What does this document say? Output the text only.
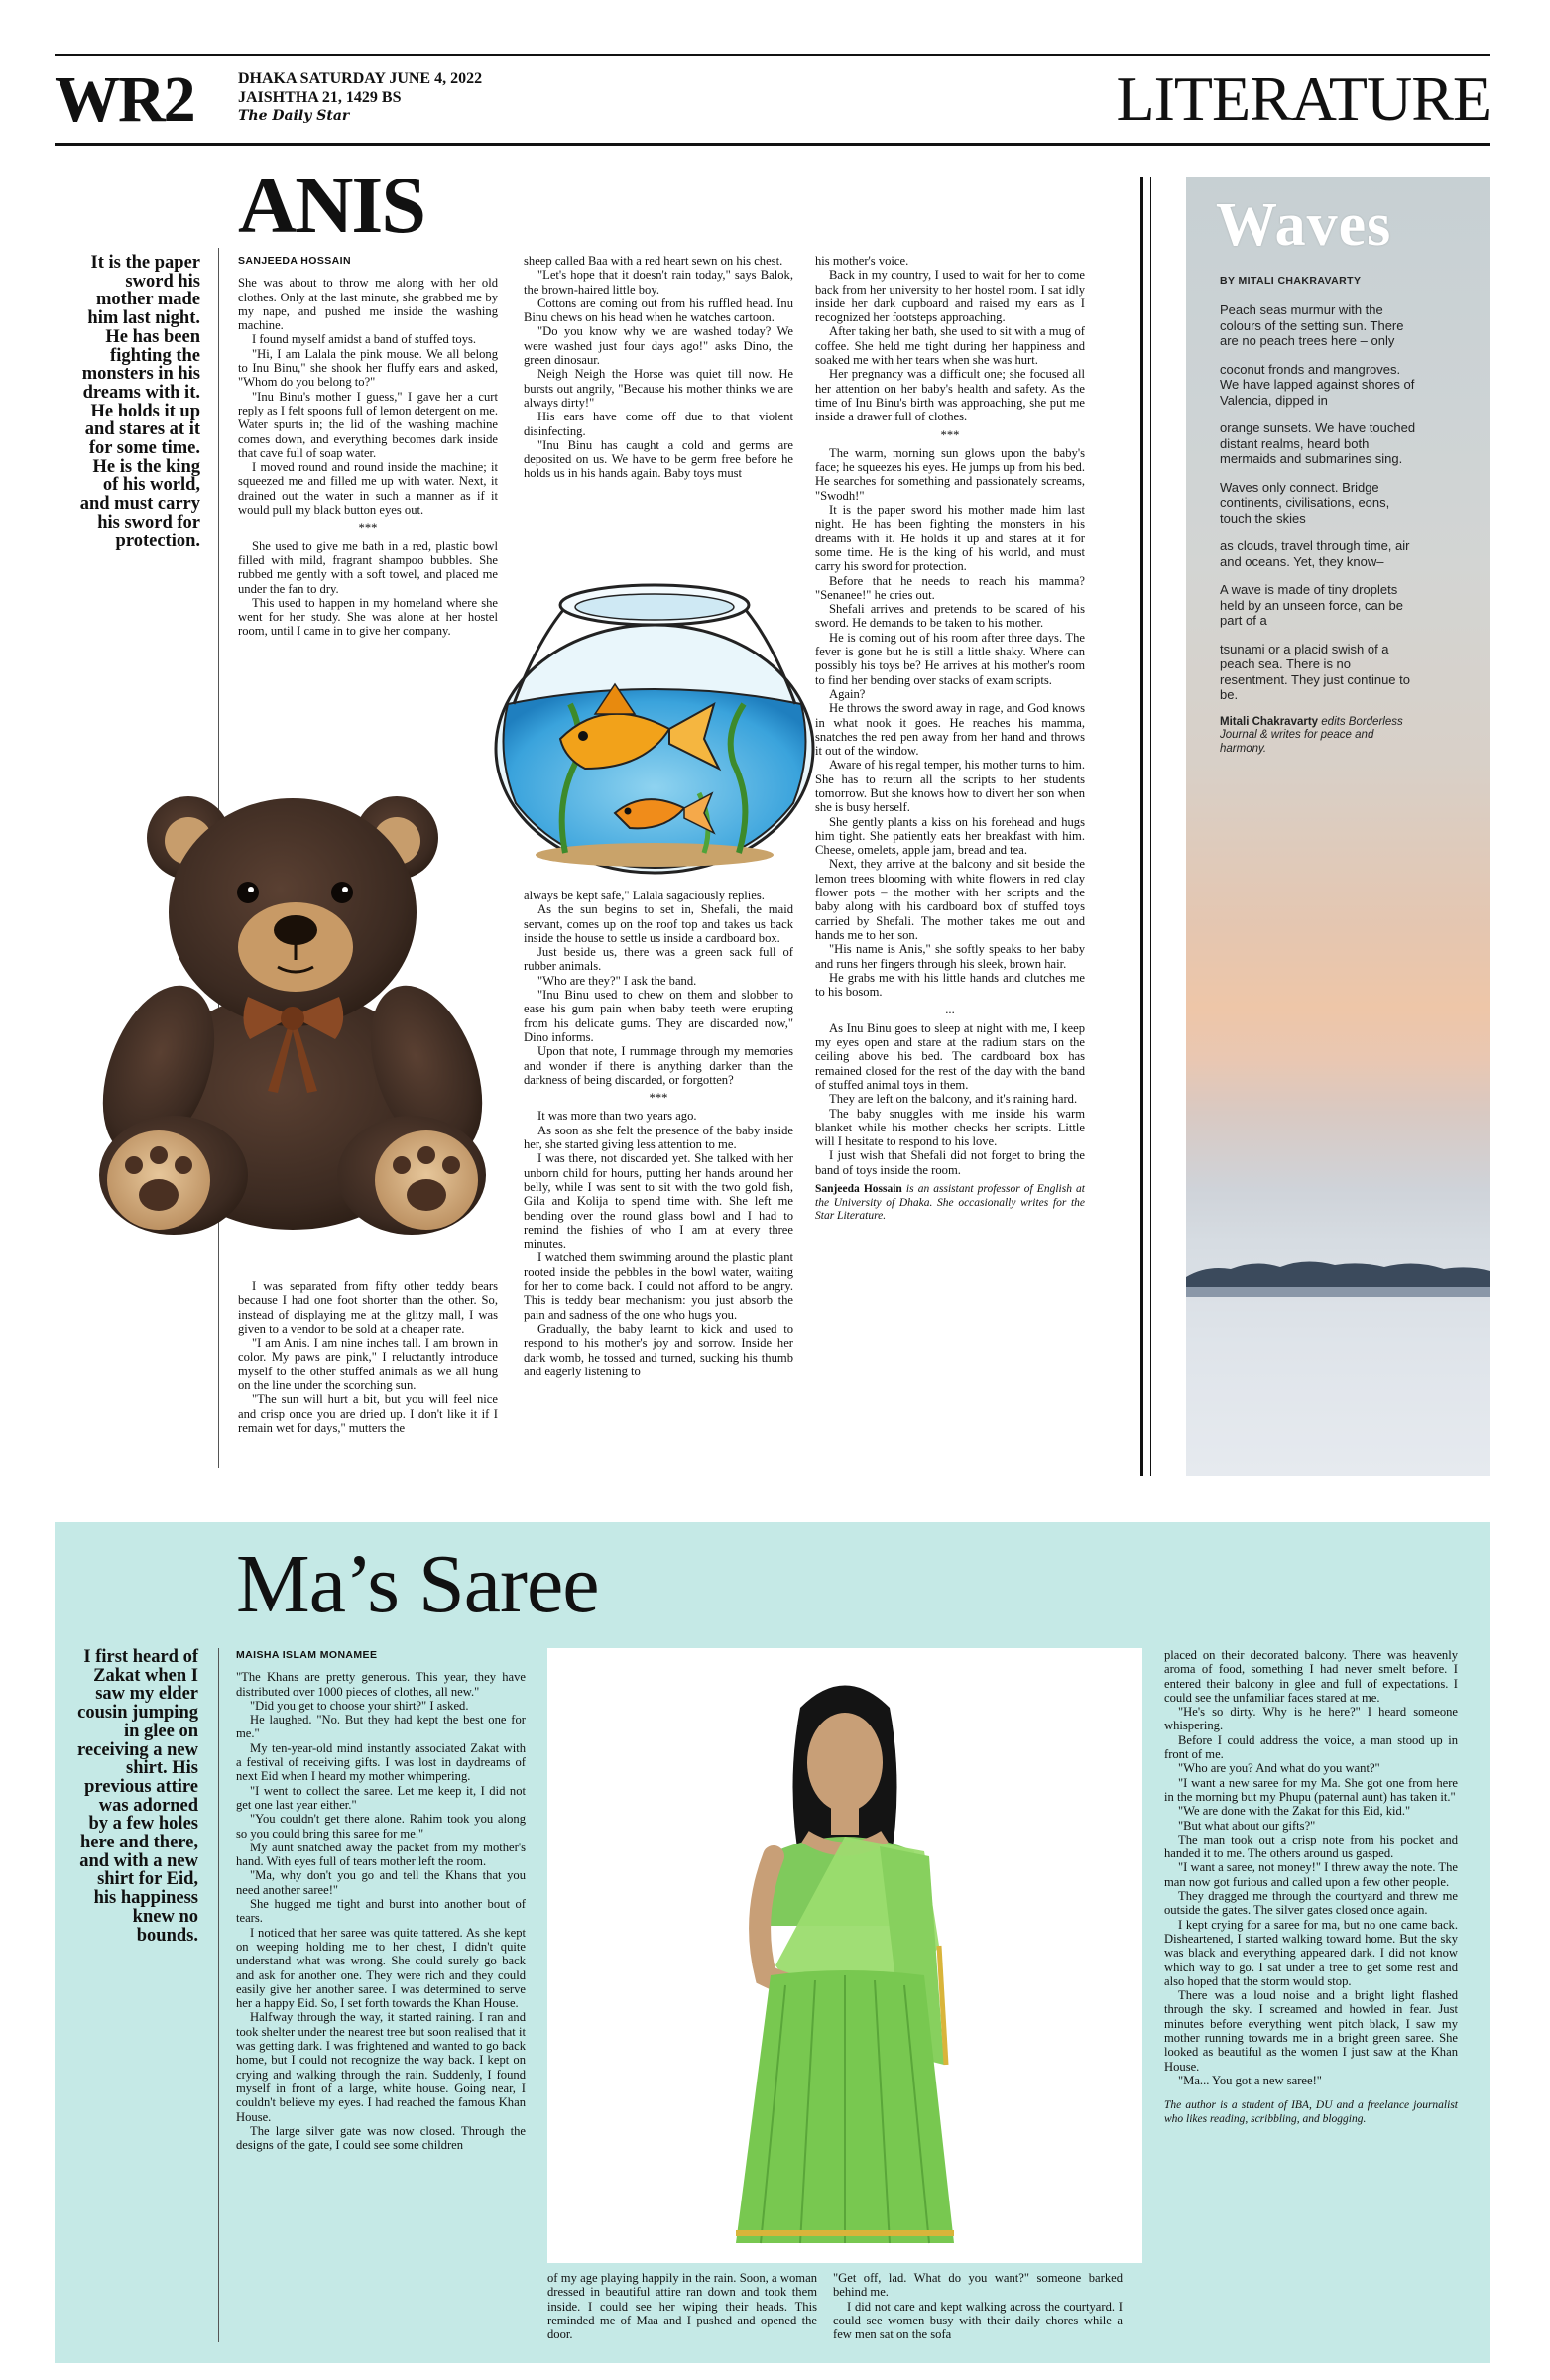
WR2	DHAKA SATURDAY JUNE 4, 2022
JAISHTHA 21, 1429 BS
The Daily Star	LITERATURE
ANIS
It is the paper sword his mother made him last night. He has been fighting the monsters in his dreams with it. He holds it up and stares at it for some time. He is the king of his world, and must carry his sword for protection.
SANJEEDA HOSSAIN

She was about to throw me along with her old clothes. Only at the last minute, she grabbed me by my nape, and pushed me inside the washing machine.

I found myself amidst a band of stuffed toys.

"Hi, I am Lalala the pink mouse. We all belong to Inu Binu," she shook her fluffy ears and asked, "Whom do you belong to?"

"Inu Binu's mother I guess," I gave her a curt reply as I felt spoons full of lemon detergent on me. Water spurts in; the lid of the washing machine comes down, and everything becomes dark inside that cave full of soap water.

I moved round and round inside the machine; it squeezed me and filled me up with water. Next, it drained out the water in such a manner as if it would pull my black button eyes out.

***

She used to give me bath in a red, plastic bowl filled with mild, fragrant shampoo bubbles. She rubbed me gently with a soft towel, and placed me under the fan to dry.

This used to happen in my homeland where she went for her study. She was alone at her hostel room, until I came in to give her company.

I was separated from fifty other teddy bears because I had one foot shorter than the other. So, instead of displaying me at the glitzy mall, I was given to a vendor to be sold at a cheaper rate.

"I am Anis. I am nine inches tall. I am brown in color. My paws are pink," I reluctantly introduce myself to the other stuffed animals as we all hung on the line under the scorching sun.

"The sun will hurt a bit, but you will feel nice and crisp once you are dried up. I don't like it if I remain wet for days," mutters the

sheep called Baa with a red heart sewn on his chest.

"Let's hope that it doesn't rain today," says Balok, the brown-haired little boy.

Cottons are coming out from his ruffled head. Inu Binu chews on his head when he watches cartoon.

"Do you know why we are washed today? We were washed just four days ago!" asks Dino, the green dinosaur.

Neigh Neigh the Horse was quiet till now. He bursts out angrily, "Because his mother thinks we are always dirty!"

His ears have come off due to that violent disinfecting.

"Inu Binu has caught a cold and germs are deposited on us. We have to be germ free before he holds us in his hands again. Baby toys must

always be kept safe," Lalala sagaciously replies.

As the sun begins to set in, Shefali, the maid servant, comes up on the roof top and takes us back inside the house to settle us inside a cardboard box.

Just beside us, there was a green sack full of rubber animals.

"Who are they?" I ask the band.

"Inu Binu used to chew on them and slobber to ease his gum pain when baby teeth were erupting from his delicate gums. They are discarded now," Dino informs.

Upon that note, I rummage through my memories and wonder if there is anything darker than the darkness of being discarded, or forgotten?

***

It was more than two years ago.

As soon as she felt the presence of the baby inside her, she started giving less attention to me.

I was there, not discarded yet. She talked with her unborn child for hours, putting her hands around her belly, while I was sent to sit with the two gold fish, Gila and Kolija to spend time with. She left me bending over the round glass bowl and I had to remind the fishies of who I am at every three minutes.

I watched them swimming around the plastic plant rooted inside the pebbles in the bowl water, waiting for her to come back. I could not afford to be angry. This is teddy bear mechanism: you just absorb the pain and sadness of the one who hugs you.

Gradually, the baby learnt to kick and used to respond to his mother's joy and sorrow. Inside her dark womb, he tossed and turned, sucking his thumb and eagerly listening to

his mother's voice.

Back in my country, I used to wait for her to come back from her university to her hostel room. I sat idly inside her dark cupboard and raised my ears as I recognized her footsteps approaching.

After taking her bath, she used to sit with a mug of coffee. She held me tight during her happiness and soaked me with her tears when she was hurt.

Her pregnancy was a difficult one; she focused all her attention on her baby's health and safety. As the time of Inu Binu's birth was approaching, she put me inside a drawer full of clothes.

***

The warm, morning sun glows upon the baby's face; he squeezes his eyes. He jumps up from his bed. He searches for something and passionately screams, "Swodh!"

It is the paper sword his mother made him last night. He has been fighting the monsters in his dreams with it. He holds it up and stares at it for some time. He is the king of his world, and must carry his sword for protection.

Before that he needs to reach his mamma? "Senanee!" he cries out.

Shefali arrives and pretends to be scared of his sword. He demands to be taken to his mother.

He is coming out of his room after three days. The fever is gone but he is still a little shaky. Where can possibly his toys be? He arrives at his mother's room to find her bending over stacks of exam scripts.

Again?

He throws the sword away in rage, and God knows in what nook it goes. He reaches his mamma, snatches the red pen away from her hand and throws it out of the window.

Aware of his regal temper, his mother turns to him. She has to return all the scripts to her students tomorrow. But she knows how to divert her son when she is busy herself.

She gently plants a kiss on his forehead and hugs him tight. She patiently eats her breakfast with him. Cheese, omelets, apple jam, bread and tea.

Next, they arrive at the balcony and sit beside the lemon trees blooming with white flowers in red clay flower pots – the mother with her scripts and the baby along with his cardboard box of stuffed toys carried by Shefali. The mother takes me out and hands me to her son.

"His name is Anis," she softly speaks to her baby and runs her fingers through his sleek, brown hair.

He grabs me with his little hands and clutches me to his bosom.

...

As Inu Binu goes to sleep at night with me, I keep my eyes open and stare at the radium stars on the ceiling above his bed. The cardboard box has remained closed for the rest of the day with the band of stuffed animal toys in them.

They are left on the balcony, and it's raining hard.

The baby snuggles with me inside his warm blanket while his mother checks her scripts. Little will I hesitate to respond to his love.

I just wish that Shefali did not forget to bring the band of toys inside the room.

Sanjeeda Hossain is an assistant professor of English at the University of Dhaka. She occasionally writes for the Star Literature.

Waves
BY MITALI CHAKRAVARTY

Peach seas murmur with the colours of the setting sun. There are no peach trees here – only

coconut fronds and mangroves. We have lapped against shores of Valencia, dipped in

orange sunsets. We have touched distant realms, heard both mermaids and submarines sing.

Waves only connect. Bridge continents, civilisations, eons, touch the skies

as clouds, travel through time, air and oceans. Yet, they know–

A wave is made of tiny droplets held by an unseen force, can be part of a

tsunami or a placid swish of a peach sea. There is no resentment. They just continue to be.

Mitali Chakravarty edits Borderless Journal & writes for peace and harmony.

Ma’s Saree
I first heard of Zakat when I saw my elder cousin jumping in glee on receiving a new shirt. His previous attire was adorned by a few holes here and there, and with a new shirt for Eid, his happiness knew no bounds.
MAISHA ISLAM MONAMEE

"The Khans are pretty generous. This year, they have distributed over 1000 pieces of clothes, all new."

"Did you get to choose your shirt?" I asked.

He laughed. "No. But they had kept the best one for me."

My ten-year-old mind instantly associated Zakat with a festival of receiving gifts. I was lost in daydreams of next Eid when I heard my mother whimpering.

"I went to collect the saree. Let me keep it, I did not get one last year either."

"You couldn't get there alone. Rahim took you along so you could bring this saree for me."

My aunt snatched away the packet from my mother's hand. With eyes full of tears mother left the room.

"Ma, why don't you go and tell the Khans that you need another saree!"

She hugged me tight and burst into another bout of tears.

I noticed that her saree was quite tattered. As she kept on weeping holding me to her chest, I didn't quite understand what was wrong. She could surely go back and ask for another one. They were rich and they could easily give her another saree. I was determined to serve her a happy Eid. So, I set forth towards the Khan House.

Halfway through the way, it started raining. I ran and took shelter under the nearest tree but soon realised that it was getting dark. I was frightened and wanted to go back home, but I could not recognize the way back. I kept on crying and walking through the rain. Suddenly, I found myself in front of a large, white house. Going near, I couldn't believe my eyes. I had reached the famous Khan House.

The large silver gate was now closed. Through the designs of the gate, I could see some children

of my age playing happily in the rain. Soon, a woman dressed in beautiful attire ran down and took them inside. I could see her wiping their heads. This reminded me of Maa and I pushed and opened the door.

"Get off, lad. What do you want?" someone barked behind me.

I did not care and kept walking across the courtyard. I could see women busy with their daily chores while a few men sat on the sofa

placed on their decorated balcony. There was heavenly aroma of food, something I had never smelt before. I entered their balcony in glee and full of expectations. I could see the unfamiliar faces stared at me.

"He's so dirty. Why is he here?" I heard someone whispering.

Before I could address the voice, a man stood up in front of me.

"Who are you? And what do you want?"

"I want a new saree for my Ma. She got one from here in the morning but my Phupu (paternal aunt) has taken it."

"We are done with the Zakat for this Eid, kid."

"But what about our gifts?"

The man took out a crisp note from his pocket and handed it to me. The others around us gasped.

"I want a saree, not money!" I threw away the note. The man now got furious and called upon a few other people.

They dragged me through the courtyard and threw me outside the gates. The silver gates closed once again.

I kept crying for a saree for ma, but no one came back. Disheartened, I started walking toward home. But the sky was black and everything appeared dark. I did not know which way to go. I sat under a tree to get some rest and also hoped that the storm would stop.

There was a loud noise and a bright light flashed through the sky. I screamed and howled in fear. Just minutes before everything went pitch black, I saw my mother running towards me in a bright green saree. She looked as beautiful as the women I just saw at the Khan House.

"Ma... You got a new saree!"

The author is a student of IBA, DU and a freelance journalist who likes reading, scribbling, and blogging.
